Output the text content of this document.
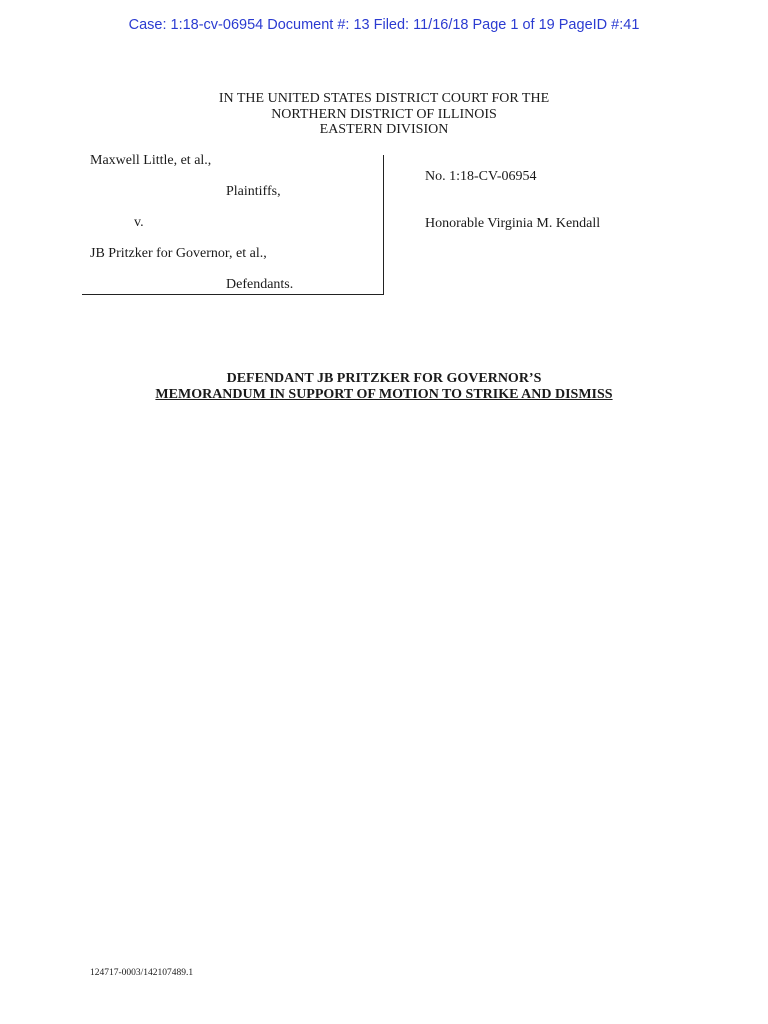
Case: 1:18-cv-06954 Document #: 13 Filed: 11/16/18 Page 1 of 19 PageID #:41
IN THE UNITED STATES DISTRICT COURT FOR THE
NORTHERN DISTRICT OF ILLINOIS
EASTERN DIVISION
Maxwell Little, et al.,
Plaintiffs,
v.
JB Pritzker for Governor, et al.,
Defendants.
No. 1:18-CV-06954
Honorable Virginia M. Kendall
DEFENDANT JB PRITZKER FOR GOVERNOR’S
MEMORANDUM IN SUPPORT OF MOTION TO STRIKE AND DISMISS
124717-0003/142107489.1
